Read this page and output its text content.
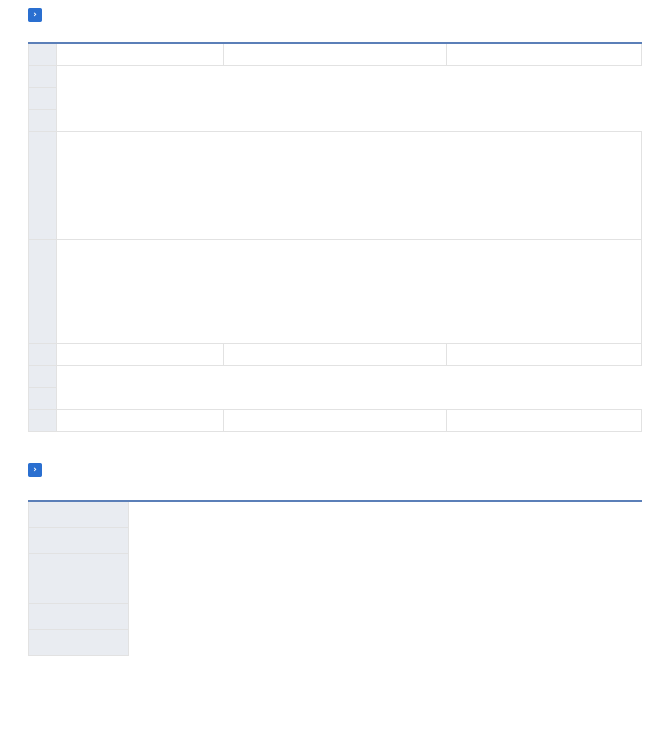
›

›
